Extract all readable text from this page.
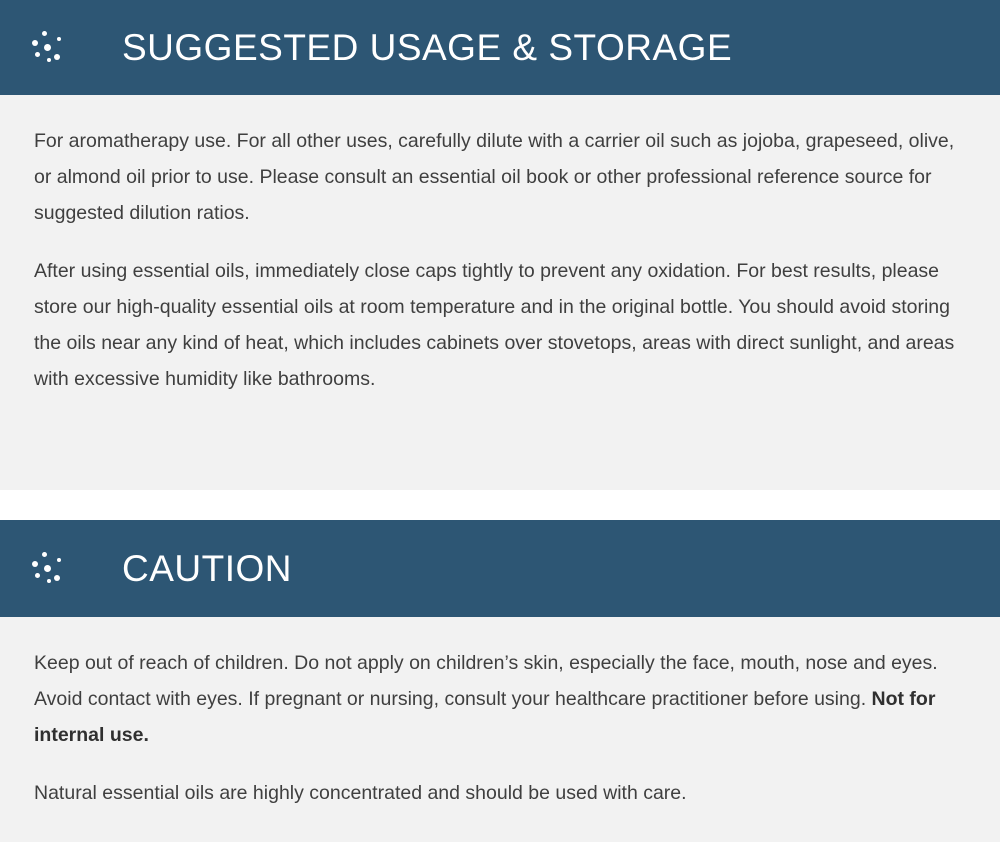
SUGGESTED USAGE & STORAGE

For aromatherapy use. For all other uses, carefully dilute with a carrier oil such as jojoba, grapeseed, olive, or almond oil prior to use. Please consult an essential oil book or other professional reference source for suggested dilution ratios.

After using essential oils, immediately close caps tightly to prevent any oxidation. For best results, please store our high-quality essential oils at room temperature and in the original bottle. You should avoid storing the oils near any kind of heat, which includes cabinets over stovetops, areas with direct sunlight, and areas with excessive humidity like bathrooms.

CAUTION

Keep out of reach of children. Do not apply on children’s skin, especially the face, mouth, nose and eyes. Avoid contact with eyes. If pregnant or nursing, consult your healthcare practitioner before using. Not for internal use.

Natural essential oils are highly concentrated and should be used with care.
